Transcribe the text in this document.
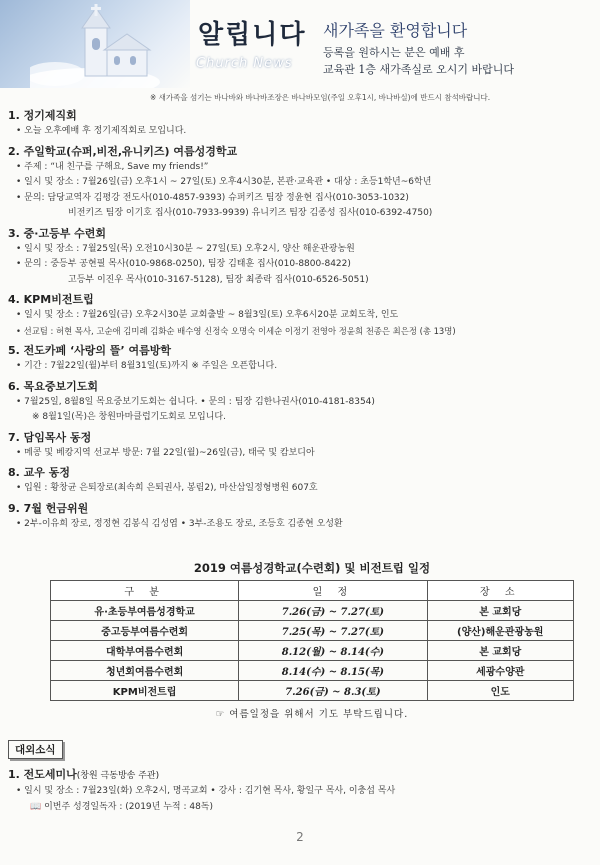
알립니다
Church News
새가족을 환영합니다
등록을 원하시는 분은 예배 후
교육관 1층 새가족실로 오시기 바랍니다
※ 새가족을 섬기는 바나바와 바나바조장은 바나바모임(주일 오후1시, 바나바실)에 반드시 참석바랍니다.
1. 정기제직회
• 오늘 오후예배 후 정기제직회로 모입니다.
2. 주일학교(슈퍼,비전,유니키즈) 여름성경학교
• 주제 : “내 친구를 구해요, Save my friends!”
• 일시 및 장소 : 7월26일(금) 오후1시 ~ 27일(토) 오후4시30분, 본관·교육관 • 대상 : 초등1학년~6학년
• 문의: 담당교역자 김평강 전도사(010-4857-9393) 슈퍼키즈 팀장 정윤현 집사(010-3053-1032)
비전키즈 팀장 이기호 집사(010-7933-9939) 유니키즈 팀장 김종성 집사(010-6392-4750)
3. 중·고등부 수련회
• 일시 및 장소 : 7월25일(목) 오전10시30분 ~ 27일(토) 오후2시, 양산 해운관광농원
• 문의 : 중등부 공현필 목사(010-9868-0250), 팀장 김태훈 집사(010-8800-8422)
고등부 이진우 목사(010-3167-5128), 팀장 최종락 집사(010-6526-5051)
4. KPM비전트립
• 일시 및 장소 : 7월26일(금) 오후2시30분 교회출발 ~ 8월3일(토) 오후6시20분 교회도착, 인도
• 선교팀 : 허현 목사, 고순애 김미례 김화순 배수영 신정숙 오명숙 이세순 이정기 전영아 정윤희 천종은 최은정 (총 13명)
5. 전도카페 ‘사랑의 뜰’ 여름방학
• 기간 : 7월22일(월)부터 8월31일(토)까지 ※ 주일은 오픈합니다.
6. 목요중보기도회
• 7월25일, 8월8일 목요중보기도회는 쉽니다. • 문의 : 팀장 김한나권사(010-4181-8354)
※ 8월1일(목)은 창원마마클럽기도회로 모입니다.
7. 담임목사 동정
• 메콩 및 베캉지역 선교부 방문: 7월 22일(월)~26일(금), 태국 및 캄보디아
8. 교우 동정
• 입원 : 황창균 은퇴장로(최속희 은퇴권사, 봉림2), 마산삼일정형병원 607호
9. 7월 헌금위원
• 2부-이유희 장로, 정정현 김봉식 김성엽 • 3부-조용도 장로, 조등호 김종현 오성환
2019 여름성경학교(수련회) 및 비전트립 일정
구 분	일 정	장 소
유·초등부여름성경학교	7.26(금) ~ 7.27(토)	본 교회당
중고등부여름수련회	7.25(목) ~ 7.27(토)	(양산)해운관광농원
대학부여름수련회	8.12(월) ~ 8.14(수)	본 교회당
청년회여름수련회	8.14(수) ~ 8.15(목)	세광수양관
KPM비전트립	7.26(금) ~ 8.3(토)	인도
☞ 여름일정을 위해서 기도 부탁드립니다.
대외소식
1. 전도세미나(창원 극동방송 주관)
• 일시 및 장소 : 7월23일(화) 오후2시, 명곡교회 • 강사 : 김기현 목사, 황일구 목사, 이충섭 목사
📖 이번주 성경일독자 : (2019년 누적 : 48독)
2
